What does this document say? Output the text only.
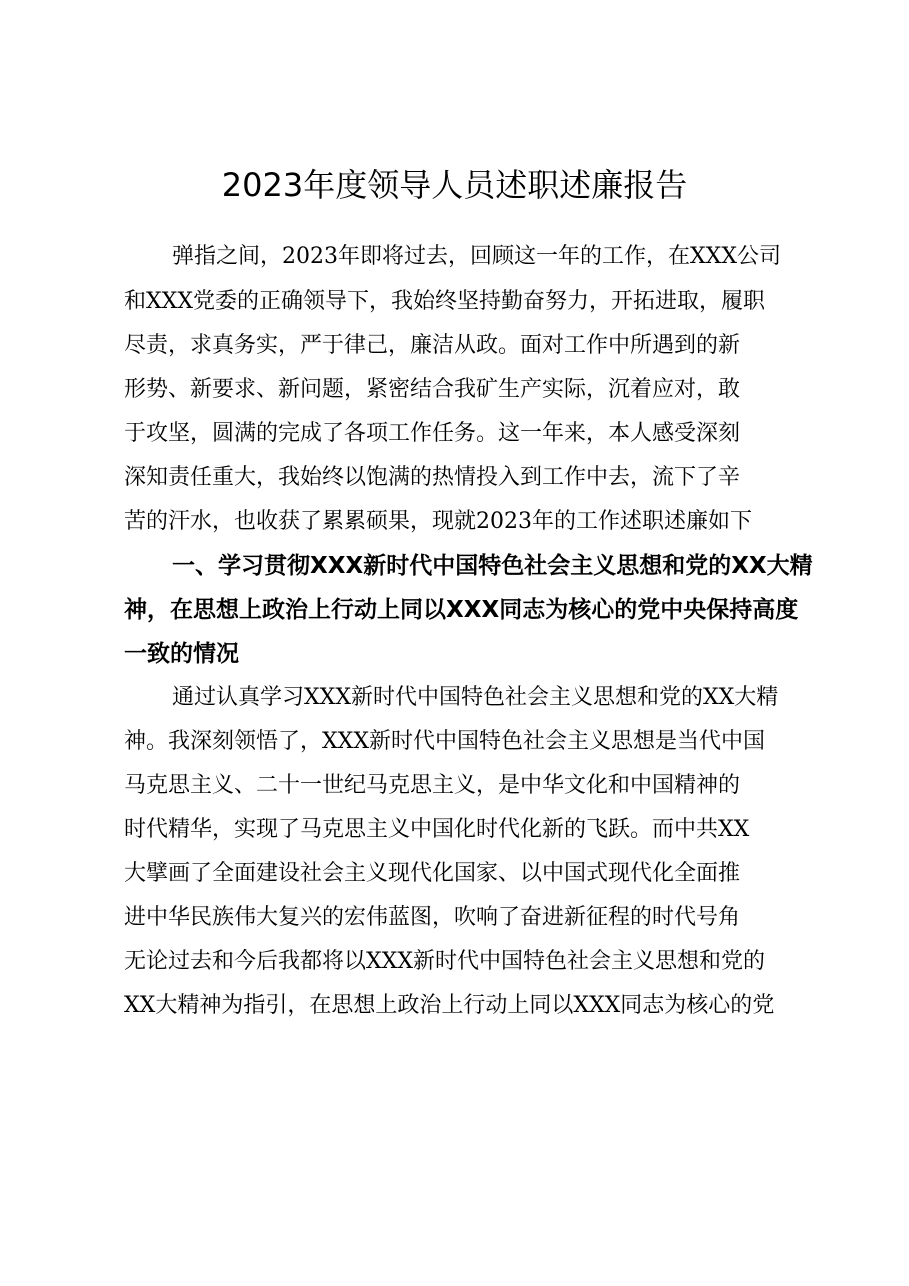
2023年度领导人员述职述廉报告
弹指之间，2023年即将过去，回顾这一年的工作，在XXX公司
和XXX党委的正确领导下，我始终坚持勤奋努力，开拓进取，履职
尽责，求真务实，严于律己，廉洁从政。面对工作中所遇到的新
形势、新要求、新问题，紧密结合我矿生产实际，沉着应对，敢
于攻坚，圆满的完成了各项工作任务。这一年来，本人感受深刻
深知责任重大，我始终以饱满的热情投入到工作中去，流下了辛
苦的汗水，也收获了累累硕果，现就2023年的工作述职述廉如下
一、学习贯彻XXX新时代中国特色社会主义思想和党的XX大精
神，在思想上政治上行动上同以XXX同志为核心的党中央保持高度
一致的情况
通过认真学习XXX新时代中国特色社会主义思想和党的XX大精
神。我深刻领悟了，XXX新时代中国特色社会主义思想是当代中国
马克思主义、二十一世纪马克思主义，是中华文化和中国精神的
时代精华，实现了马克思主义中国化时代化新的飞跃。而中共XX
大擘画了全面建设社会主义现代化国家、以中国式现代化全面推
进中华民族伟大复兴的宏伟蓝图，吹响了奋进新征程的时代号角
无论过去和今后我都将以XXX新时代中国特色社会主义思想和党的
XX大精神为指引，在思想上政治上行动上同以XXX同志为核心的党
